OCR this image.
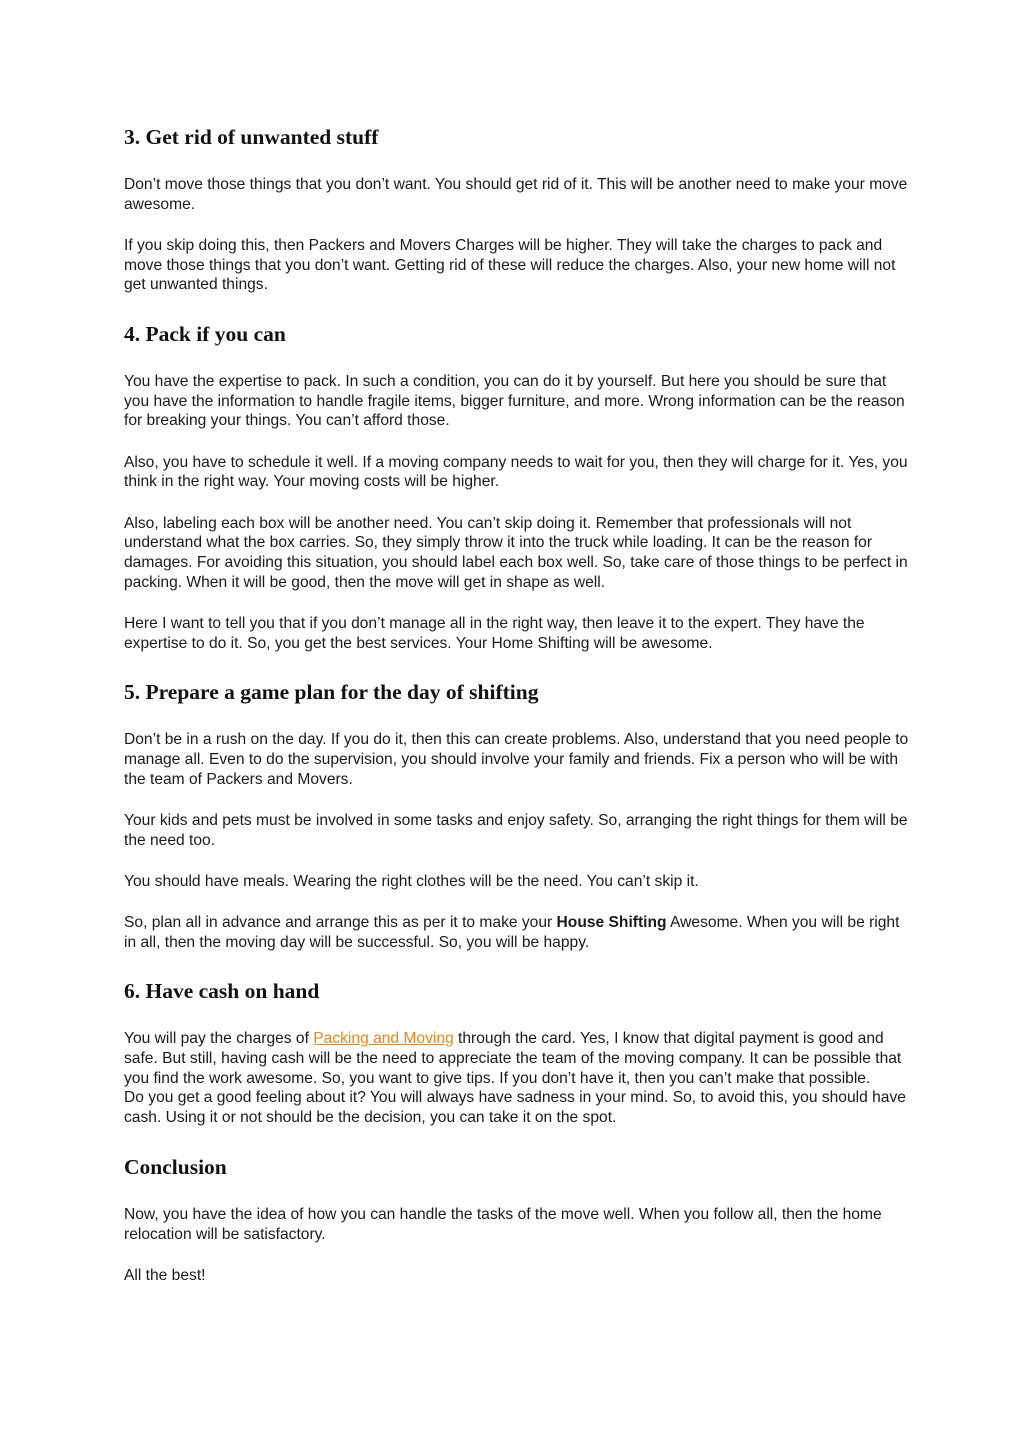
3. Get rid of unwanted stuff

Don’t move those things that you don’t want. You should get rid of it. This will be another need to make your move awesome.

If you skip doing this, then Packers and Movers Charges will be higher. They will take the charges to pack and move those things that you don’t want. Getting rid of these will reduce the charges. Also, your new home will not get unwanted things.

4. Pack if you can

You have the expertise to pack. In such a condition, you can do it by yourself. But here you should be sure that you have the information to handle fragile items, bigger furniture, and more. Wrong information can be the reason for breaking your things. You can’t afford those.

Also, you have to schedule it well. If a moving company needs to wait for you, then they will charge for it. Yes, you think in the right way. Your moving costs will be higher.

Also, labeling each box will be another need. You can’t skip doing it. Remember that professionals will not understand what the box carries. So, they simply throw it into the truck while loading. It can be the reason for damages. For avoiding this situation, you should label each box well. So, take care of those things to be perfect in packing. When it will be good, then the move will get in shape as well.

Here I want to tell you that if you don’t manage all in the right way, then leave it to the expert. They have the expertise to do it. So, you get the best services. Your Home Shifting will be awesome.

5. Prepare a game plan for the day of shifting

Don’t be in a rush on the day. If you do it, then this can create problems. Also, understand that you need people to manage all. Even to do the supervision, you should involve your family and friends. Fix a person who will be with the team of Packers and Movers.

Your kids and pets must be involved in some tasks and enjoy safety. So, arranging the right things for them will be the need too.

You should have meals. Wearing the right clothes will be the need. You can’t skip it.

So, plan all in advance and arrange this as per it to make your House Shifting Awesome. When you will be right in all, then the moving day will be successful. So, you will be happy.

6. Have cash on hand

You will pay the charges of Packing and Moving through the card. Yes, I know that digital payment is good and safe. But still, having cash will be the need to appreciate the team of the moving company. It can be possible that you find the work awesome. So, you want to give tips. If you don’t have it, then you can’t make that possible.

Do you get a good feeling about it? You will always have sadness in your mind. So, to avoid this, you should have cash. Using it or not should be the decision, you can take it on the spot.

Conclusion

Now, you have the idea of how you can handle the tasks of the move well. When you follow all, then the home relocation will be satisfactory.

All the best!
